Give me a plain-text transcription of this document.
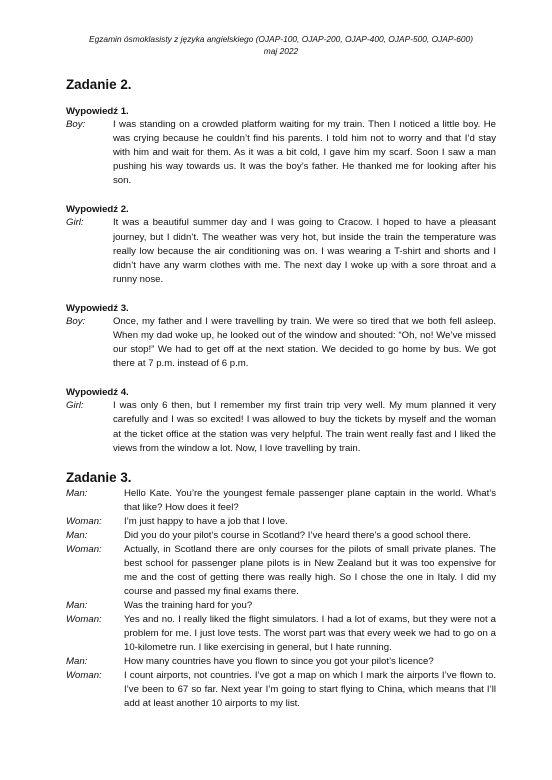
Egzamin ósmoklasisty z języka angielskiego (OJAP-100, OJAP-200, OJAP-400, OJAP-500, OJAP-600)
maj 2022
Zadanie 2.
Wypowiedź 1.
Boy:	I was standing on a crowded platform waiting for my train. Then I noticed a little boy. He was crying because he couldn’t find his parents. I told him not to worry and that I’d stay with him and wait for them. As it was a bit cold, I gave him my scarf. Soon I saw a man pushing his way towards us. It was the boy’s father. He thanked me for looking after his son.
Wypowiedź 2.
Girl:	It was a beautiful summer day and I was going to Cracow. I hoped to have a pleasant journey, but I didn’t. The weather was very hot, but inside the train the temperature was really low because the air conditioning was on. I was wearing a T-shirt and shorts and I didn’t have any warm clothes with me. The next day I woke up with a sore throat and a runny nose.
Wypowiedź 3.
Boy:	Once, my father and I were travelling by train. We were so tired that we both fell asleep. When my dad woke up, he looked out of the window and shouted: “Oh, no! We’ve missed our stop!” We had to get off at the next station. We decided to go home by bus. We got there at 7 p.m. instead of 6 p.m.
Wypowiedź 4.
Girl:	I was only 6 then, but I remember my first train trip very well. My mum planned it very carefully and I was so excited! I was allowed to buy the tickets by myself and the woman at the ticket office at the station was very helpful. The train went really fast and I liked the views from the window a lot. Now, I love travelling by train.
Zadanie 3.
Man:	Hello Kate. You’re the youngest female passenger plane captain in the world. What’s that like? How does it feel?
Woman:	I’m just happy to have a job that I love.
Man:	Did you do your pilot’s course in Scotland? I’ve heard there’s a good school there.
Woman:	Actually, in Scotland there are only courses for the pilots of small private planes. The best school for passenger plane pilots is in New Zealand but it was too expensive for me and the cost of getting there was really high. So I chose the one in Italy. I did my course and passed my final exams there.
Man:	Was the training hard for you?
Woman:	Yes and no. I really liked the flight simulators. I had a lot of exams, but they were not a problem for me. I just love tests. The worst part was that every week we had to go on a 10-kilometre run. I like exercising in general, but I hate running.
Man:	How many countries have you flown to since you got your pilot’s licence?
Woman:	I count airports, not countries. I’ve got a map on which I mark the airports I’ve flown to. I’ve been to 67 so far. Next year I’m going to start flying to China, which means that I’ll add at least another 10 airports to my list.
